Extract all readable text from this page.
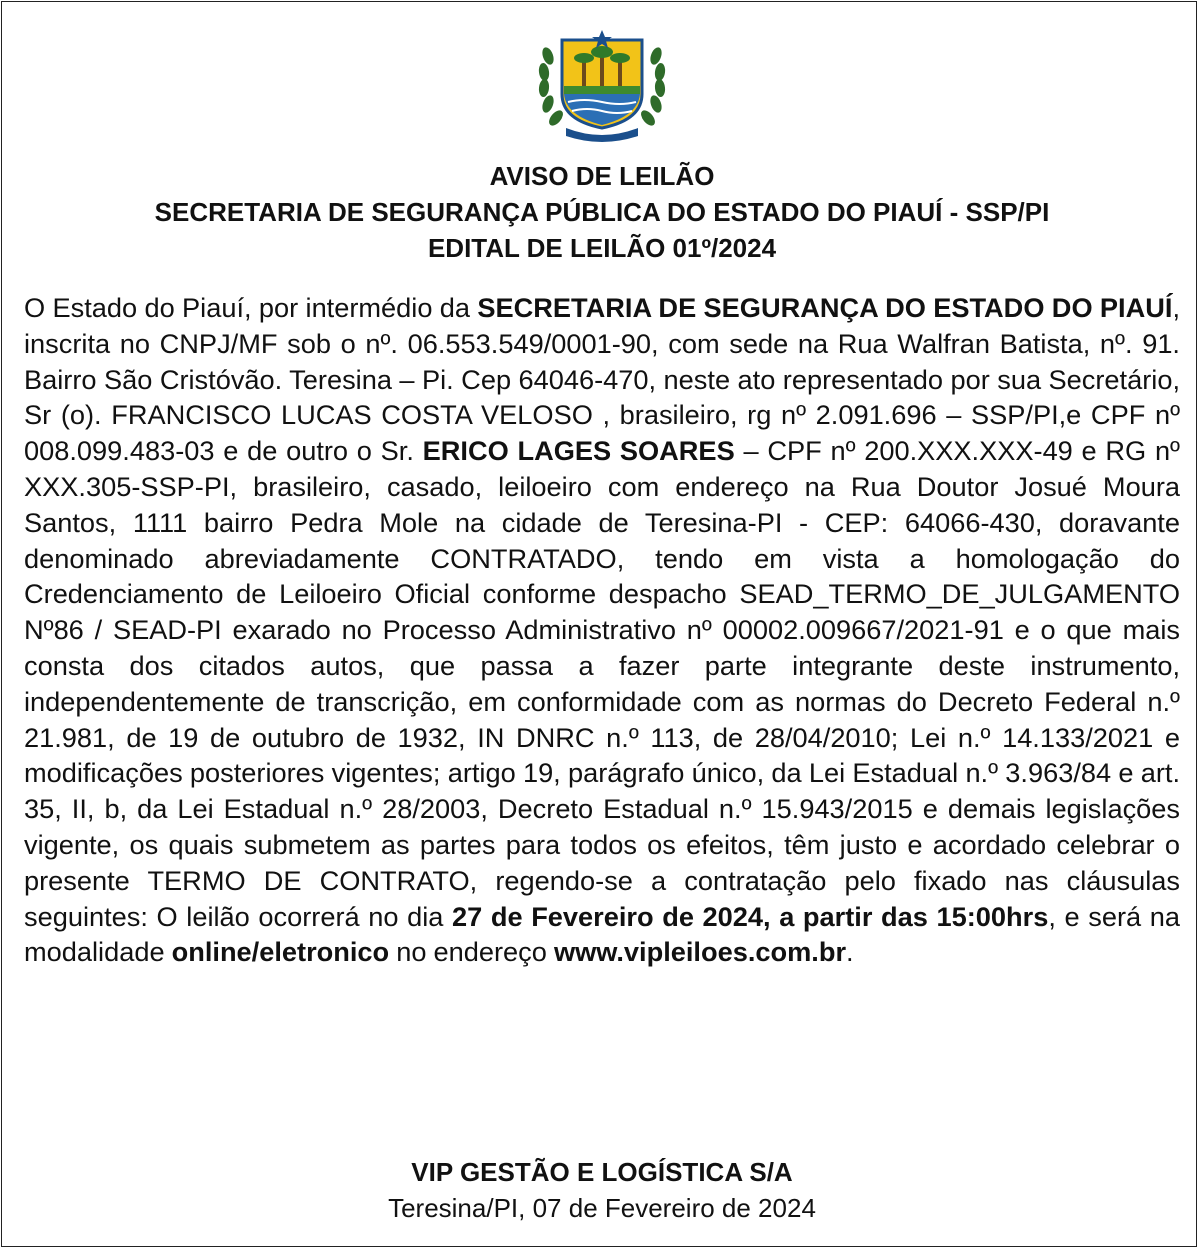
AVISO DE LEILÃO
SECRETARIA DE SEGURANÇA PÚBLICA DO ESTADO DO PIAUÍ - SSP/PI
EDITAL DE LEILÃO 01º/2024
O Estado do Piauí, por intermédio da SECRETARIA DE SEGURANÇA DO ESTADO DO PIAUÍ, inscrita no CNPJ/MF sob o nº. 06.553.549/0001-90, com sede na Rua Walfran Batista, nº. 91. Bairro São Cristóvão. Teresina – Pi. Cep 64046-470, neste ato representado por sua Secretário, Sr (o). FRANCISCO LUCAS COSTA VELOSO , brasileiro, rg nº 2.091.696 – SSP/PI,e CPF nº 008.099.483-03 e de outro o Sr. ERICO LAGES SOARES – CPF nº 200.XXX.XXX-49 e RG nº XXX.305-SSP-PI, brasileiro, casado, leiloeiro com endereço na Rua Doutor Josué Moura Santos, 1111 bairro Pedra Mole na cidade de Teresina-PI - CEP: 64066-430, doravante denominado abreviadamente CONTRATADO, tendo em vista a homologação do Credenciamento de Leiloeiro Oficial conforme despacho SEAD_TERMO_DE_JULGAMENTO Nº86 / SEAD-PI exarado no Processo Administrativo nº 00002.009667/2021-91 e o que mais consta dos citados autos, que passa a fazer parte integrante deste instrumento, independentemente de transcrição, em conformidade com as normas do Decreto Federal n.º 21.981, de 19 de outubro de 1932, IN DNRC n.º 113, de 28/04/2010; Lei n.º 14.133/2021 e modificações posteriores vigentes; artigo 19, parágrafo único, da Lei Estadual n.º 3.963/84 e art. 35, II, b, da Lei Estadual n.º 28/2003, Decreto Estadual n.º 15.943/2015 e demais legislações vigente, os quais submetem as partes para todos os efeitos, têm justo e acordado celebrar o presente TERMO DE CONTRATO, regendo-se a contratação pelo fixado nas cláusulas seguintes: O leilão ocorrerá no dia 27 de Fevereiro de 2024, a partir das 15:00hrs, e será na modalidade online/eletronico no endereço www.vipleiloes.com.br.
VIP GESTÃO E LOGÍSTICA S/A
Teresina/PI, 07 de Fevereiro de 2024
